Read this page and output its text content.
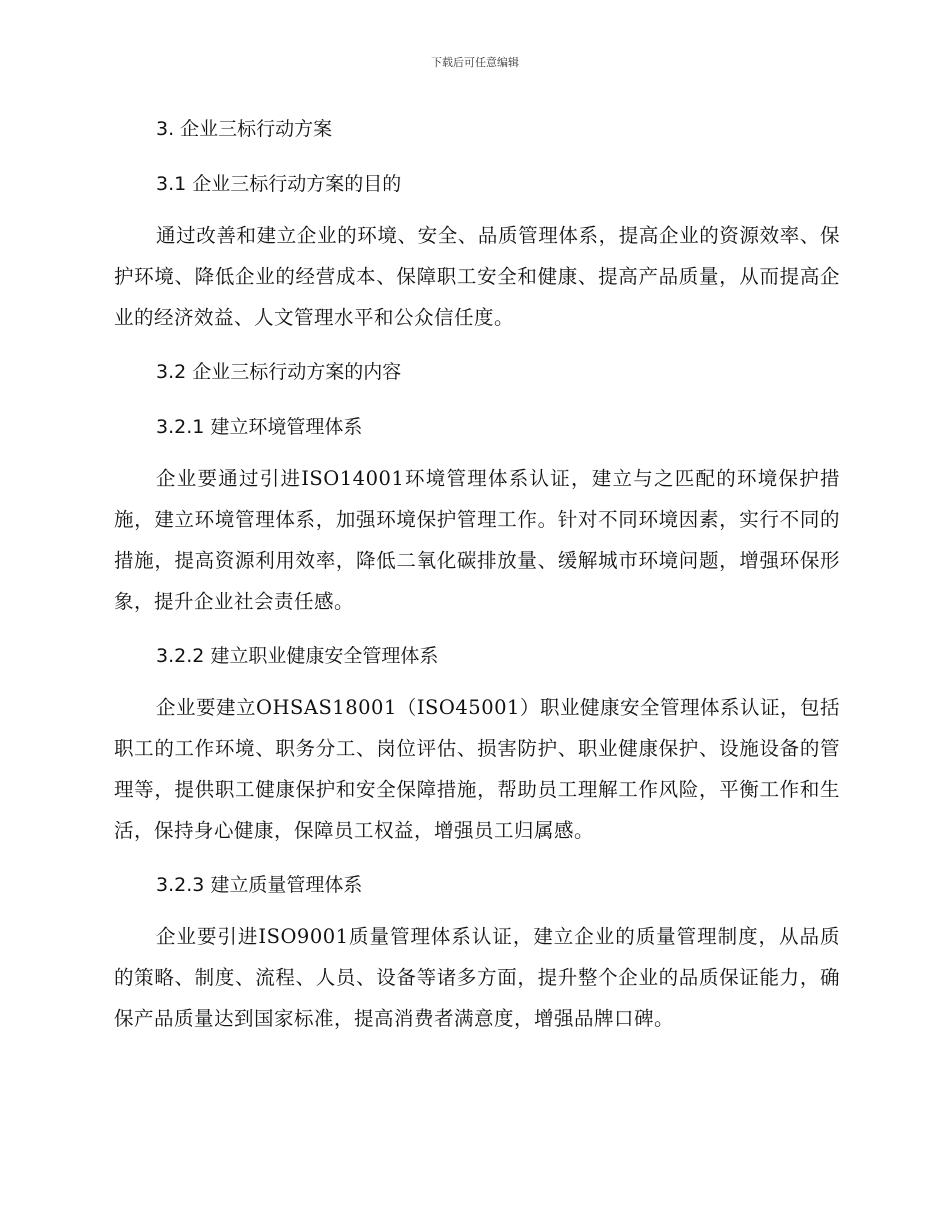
下载后可任意编辑
3. 企业三标行动方案
3.1 企业三标行动方案的目的

通过改善和建立企业的环境、安全、品质管理体系，提高企业的资源效率、保护环境、降低企业的经营成本、保障职工安全和健康、提高产品质量，从而提高企业的经济效益、人文管理水平和公众信任度。

3.2 企业三标行动方案的内容
3.2.1 建立环境管理体系

企业要通过引进ISO14001环境管理体系认证，建立与之匹配的环境保护措施，建立环境管理体系，加强环境保护管理工作。针对不同环境因素，实行不同的措施，提高资源利用效率，降低二氧化碳排放量、缓解城市环境问题，增强环保形象，提升企业社会责任感。

3.2.2 建立职业健康安全管理体系

企业要建立OHSAS18001（ISO45001）职业健康安全管理体系认证，包括职工的工作环境、职务分工、岗位评估、损害防护、职业健康保护、设施设备的管理等，提供职工健康保护和安全保障措施，帮助员工理解工作风险，平衡工作和生活，保持身心健康，保障员工权益，增强员工归属感。

3.2.3 建立质量管理体系

企业要引进ISO9001质量管理体系认证，建立企业的质量管理制度，从品质的策略、制度、流程、人员、设备等诸多方面，提升整个企业的品质保证能力，确保产品质量达到国家标准，提高消费者满意度，增强品牌口碑。
